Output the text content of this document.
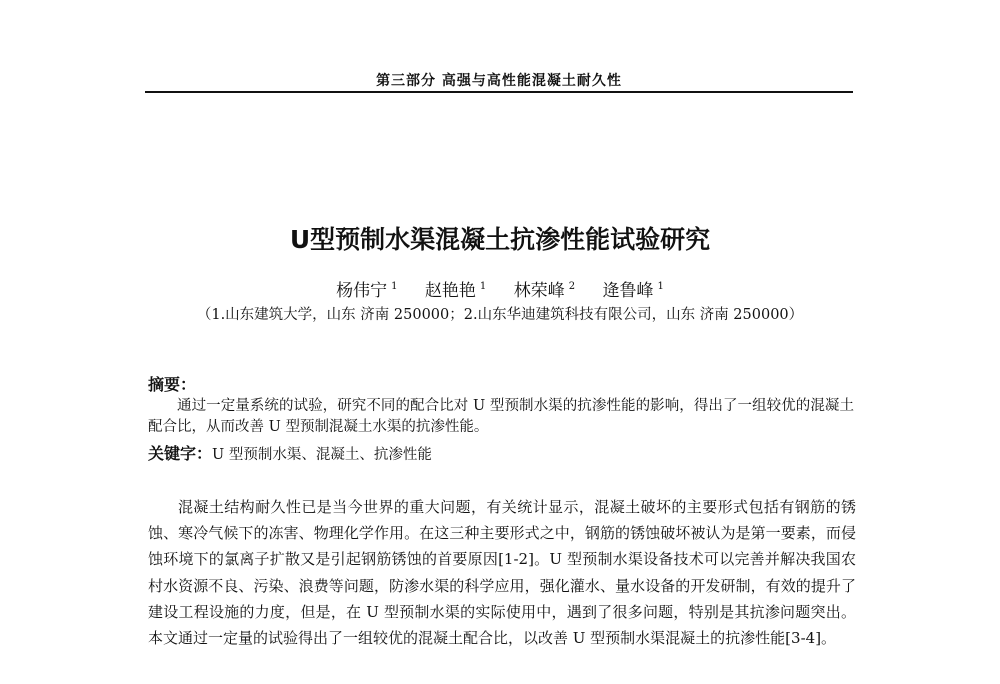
第三部分 高强与高性能混凝土耐久性
U型预制水渠混凝土抗渗性能试验研究
杨伟宁 $^1$ 赵艳艳 $^1$ 林荣峰 $^2$ 逄鲁峰 $^1$
（1.山东建筑大学，山东 济南 250000；2.山东华迪建筑科技有限公司，山东 济南 250000）
摘要：

通过一定量系统的试验，研究不同的配合比对 U 型预制水渠的抗渗性能的影响，得出了一组较优的混凝土配合比，从而改善 U 型预制混凝土水渠的抗渗性能。

关键字：U 型预制水渠、混凝土、抗渗性能

混凝土结构耐久性已是当今世界的重大问题，有关统计显示，混凝土破坏的主要形式包括有钢筋的锈蚀、寒冷气候下的冻害、物理化学作用。在这三种主要形式之中，钢筋的锈蚀破坏被认为是第一要素，而侵蚀环境下的氯离子扩散又是引起钢筋锈蚀的首要原因[1-2]。U 型预制水渠设备技术可以完善并解决我国农村水资源不良、污染、浪费等问题，防渗水渠的科学应用，强化灌水、量水设备的开发研制，有效的提升了建设工程设施的力度，但是，在 U 型预制水渠的实际使用中，遇到了很多问题，特别是其抗渗问题突出。本文通过一定量的试验得出了一组较优的混凝土配合比，以改善 U 型预制水渠混凝土的抗渗性能[3-4]。
